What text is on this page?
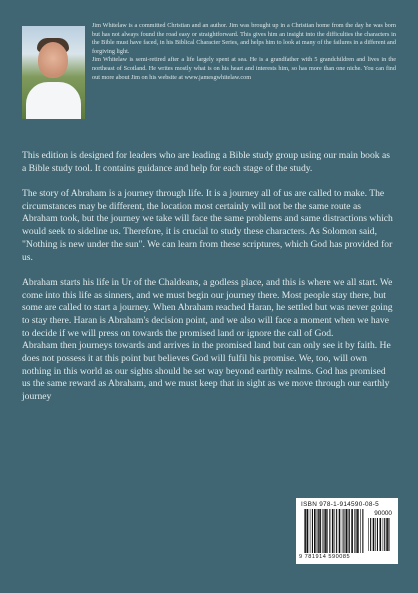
Jim Whitelaw is a committed Christian and an author. Jim was brought up in a Christian home from the day he was born but has not always found the road easy or straightforward. This gives him an insight into the difficulties the characters in the Bible must have faced, in his Biblical Character Series, and helps him to look at many of the failures in a different and forgiving light.

Jim Whitelaw is semi-retired after a life largely spent at sea. He is a grandfather with 5 grandchildren and lives in the northeast of Scotland. He writes mostly what is on his heart and interests him, so has more than one niche. You can find out more about Jim on his website at www.jamesgwhitelaw.com

This edition is designed for leaders who are leading a Bible study group using our main book as a Bible study tool. It contains guidance and help for each stage of the study.

The story of Abraham is a journey through life. It is a journey all of us are called to make. The circumstances may be different, the location most certainly will not be the same route as Abraham took, but the journey we take will face the same problems and same distractions which would seek to sideline us. Therefore, it is crucial to study these characters. As Solomon said, "Nothing is new under the sun". We can learn from these scriptures, which God has provided for us.

Abraham starts his life in Ur of the Chaldeans, a godless place, and this is where we all start. We come into this life as sinners, and we must begin our journey there. Most people stay there, but some are called to start a journey. When Abraham reached Haran, he settled but was never going to stay there. Haran is Abraham's decision point, and we also will face a moment when we have to decide if we will press on towards the promised land or ignore the call of God.

Abraham then journeys towards and arrives in the promised land but can only see it by faith. He does not possess it at this point but believes God will fulfil his promise. We, too, will own nothing in this world as our sights should be set way beyond earthly realms. God has promised us the same reward as Abraham, and we must keep that in sight as we move through our earthly journey

ISBN 978-1-914590-08-5
90000
9 781914 590085
